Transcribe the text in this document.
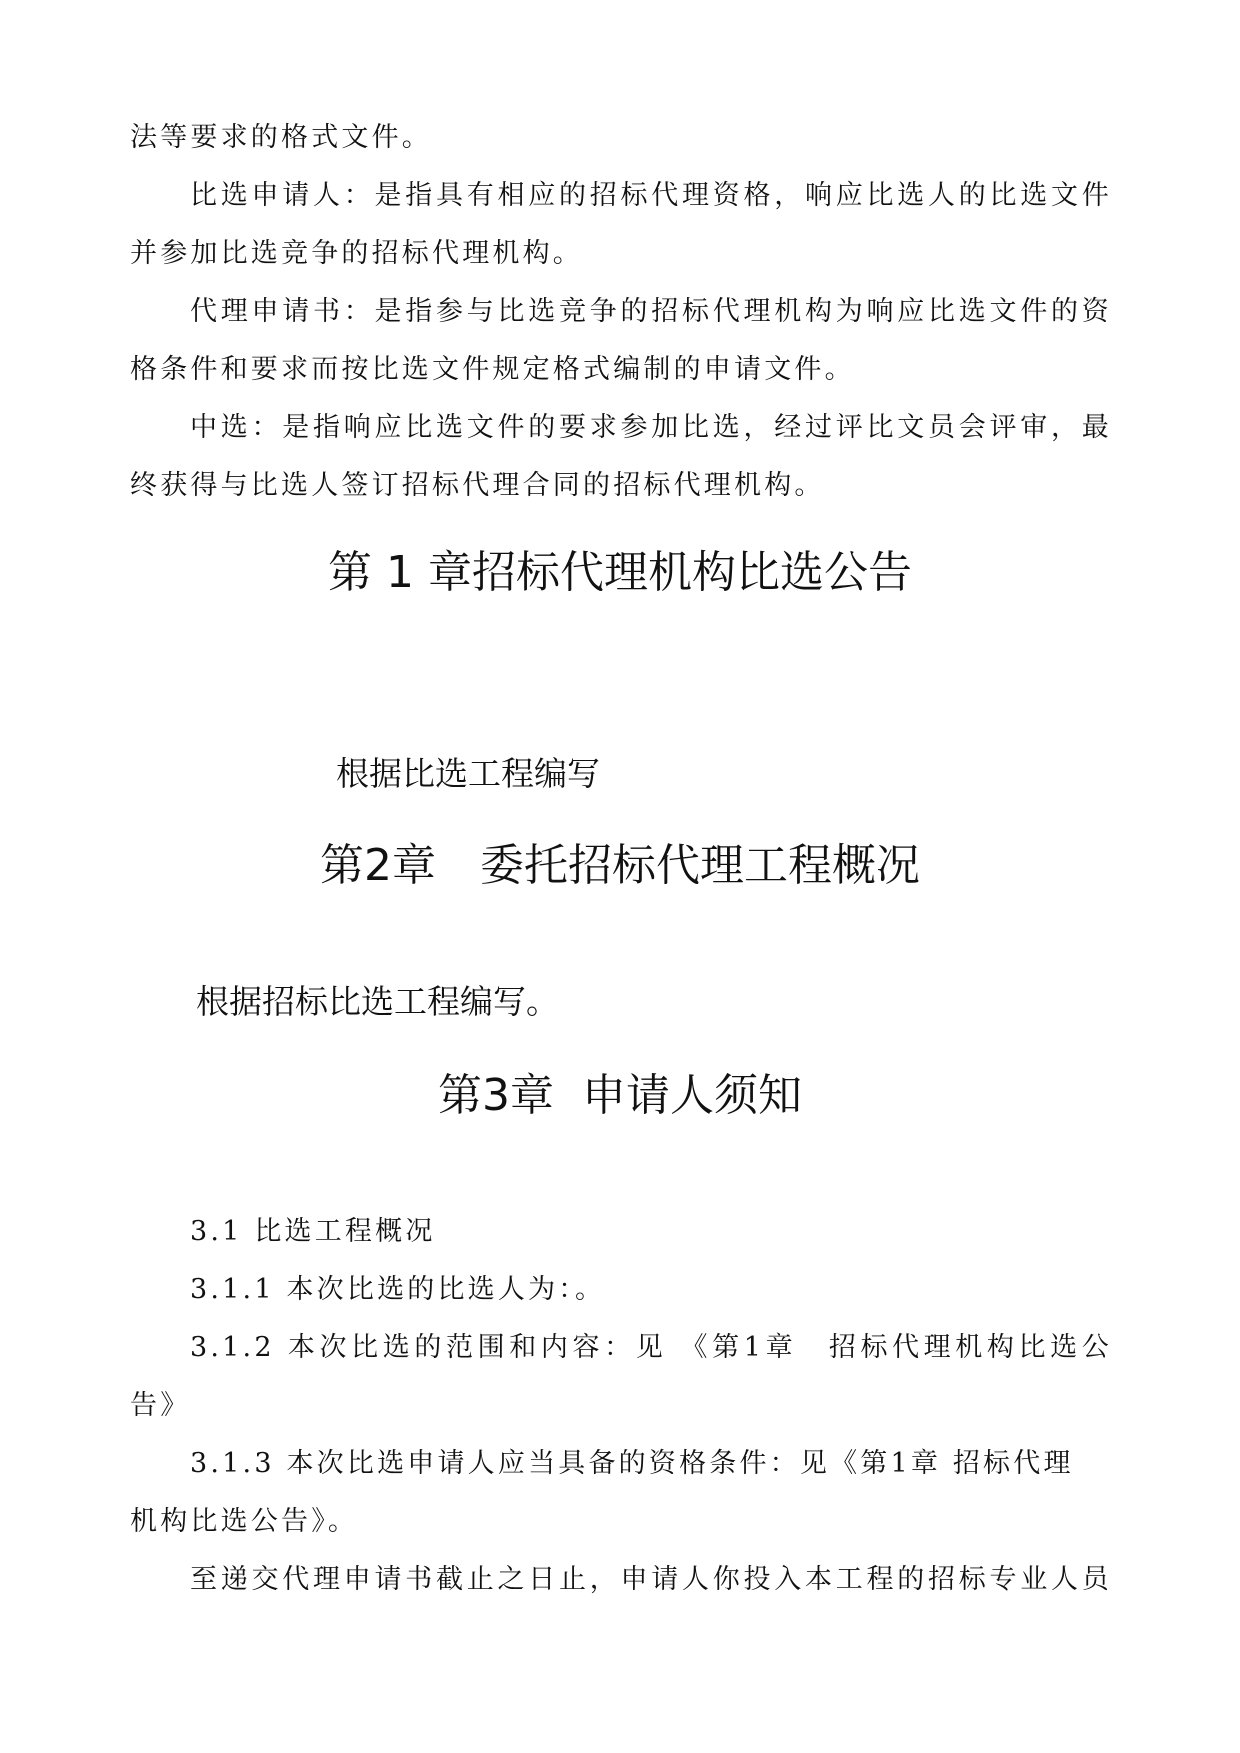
法等要求的格式文件。
比选申请人：是指具有相应的招标代理资格，响应比选人的比选文件
并参加比选竞争的招标代理机构。
代理申请书：是指参与比选竞争的招标代理机构为响应比选文件的资
格条件和要求而按比选文件规定格式编制的申请文件。
中选：是指响应比选文件的要求参加比选，经过评比文员会评审，最
终获得与比选人签订招标代理合同的招标代理机构。
第 1 章招标代理机构比选公告
根据比选工程编写
第2章　委托招标代理工程概况
根据招标比选工程编写。
第3章  申请人须知
3.1 比选工程概况
3.1.1 本次比选的比选人为：。
3.1.2 本次比选的范围和内容：见 《第1章　招标代理机构比选公
告》
3.1.3 本次比选申请人应当具备的资格条件：见《第1章 招标代理
机构比选公告》。
至递交代理申请书截止之日止，申请人你投入本工程的招标专业人员
